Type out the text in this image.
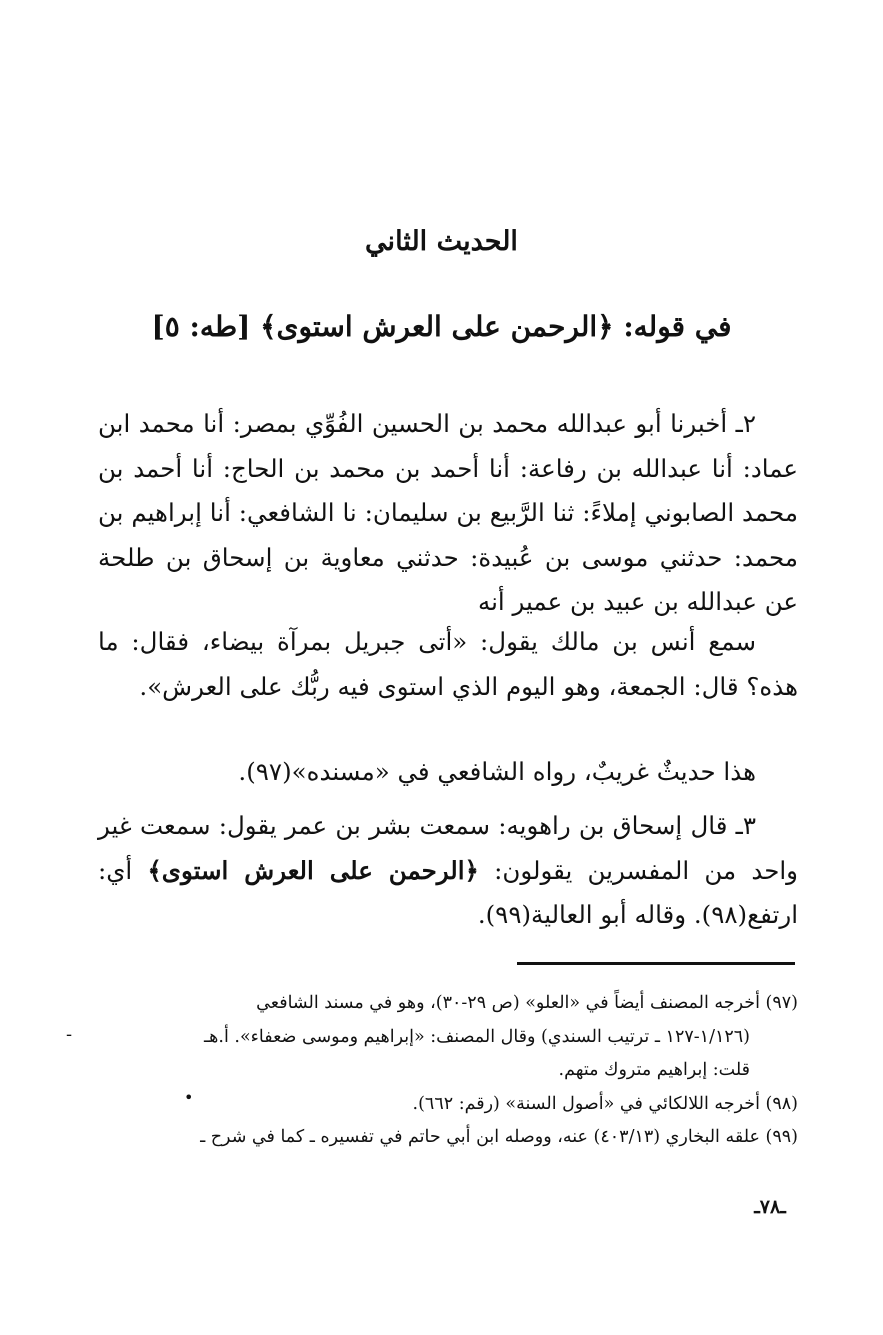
الحديث الثاني
في قوله: ﴿الرحمن على العرش استوى﴾ [طه: ٥]

٢ـ أخبرنا أبو عبدالله محمد بن الحسين الفُوِّي بمصر: أنا محمد ابن عماد: أنا عبدالله بن رفاعة: أنا أحمد بن محمد بن الحاج: أنا أحمد بن محمد الصابوني إملاءً: ثنا الرَّبيع بن سليمان: نا الشافعي: أنا إبراهيم بن محمد: حدثني موسى بن عُبيدة: حدثني معاوية بن إسحاق بن طلحة عن عبدالله بن عبيد بن عمير أنه

سمع أنس بن مالك يقول: «أتى جبريل بمرآة بيضاء، فقال: ما هذه؟ قال: الجمعة، وهو اليوم الذي استوى فيه ربُّك على العرش».

هذا حديثٌ غريبٌ، رواه الشافعي في «مسنده»(٩٧).

٣ـ قال إسحاق بن راهويه: سمعت بشر بن عمر يقول: سمعت غير واحد من المفسرين يقولون: ﴿الرحمن على العرش استوى﴾ أي: ارتفع(٩٨). وقاله أبو العالية(٩٩).

(٩٧) أخرجه المصنف أيضاً في «العلو» (ص ٢٩-٣٠)، وهو في مسند الشافعي

(١/١٢٦-١٢٧ ـ ترتيب السندي) وقال المصنف: «إبراهيم وموسى ضعفاء». أ.هـ

قلت: إبراهيم متروك متهم.

(٩٨) أخرجه اللالكائي في «أصول السنة» (رقم: ٦٦٢).

(٩٩) علقه البخاري (٤٠٣/١٣) عنه، ووصله ابن أبي حاتم في تفسيره ـ كما في شرح ـ

-
•
ـ٧٨ـ
